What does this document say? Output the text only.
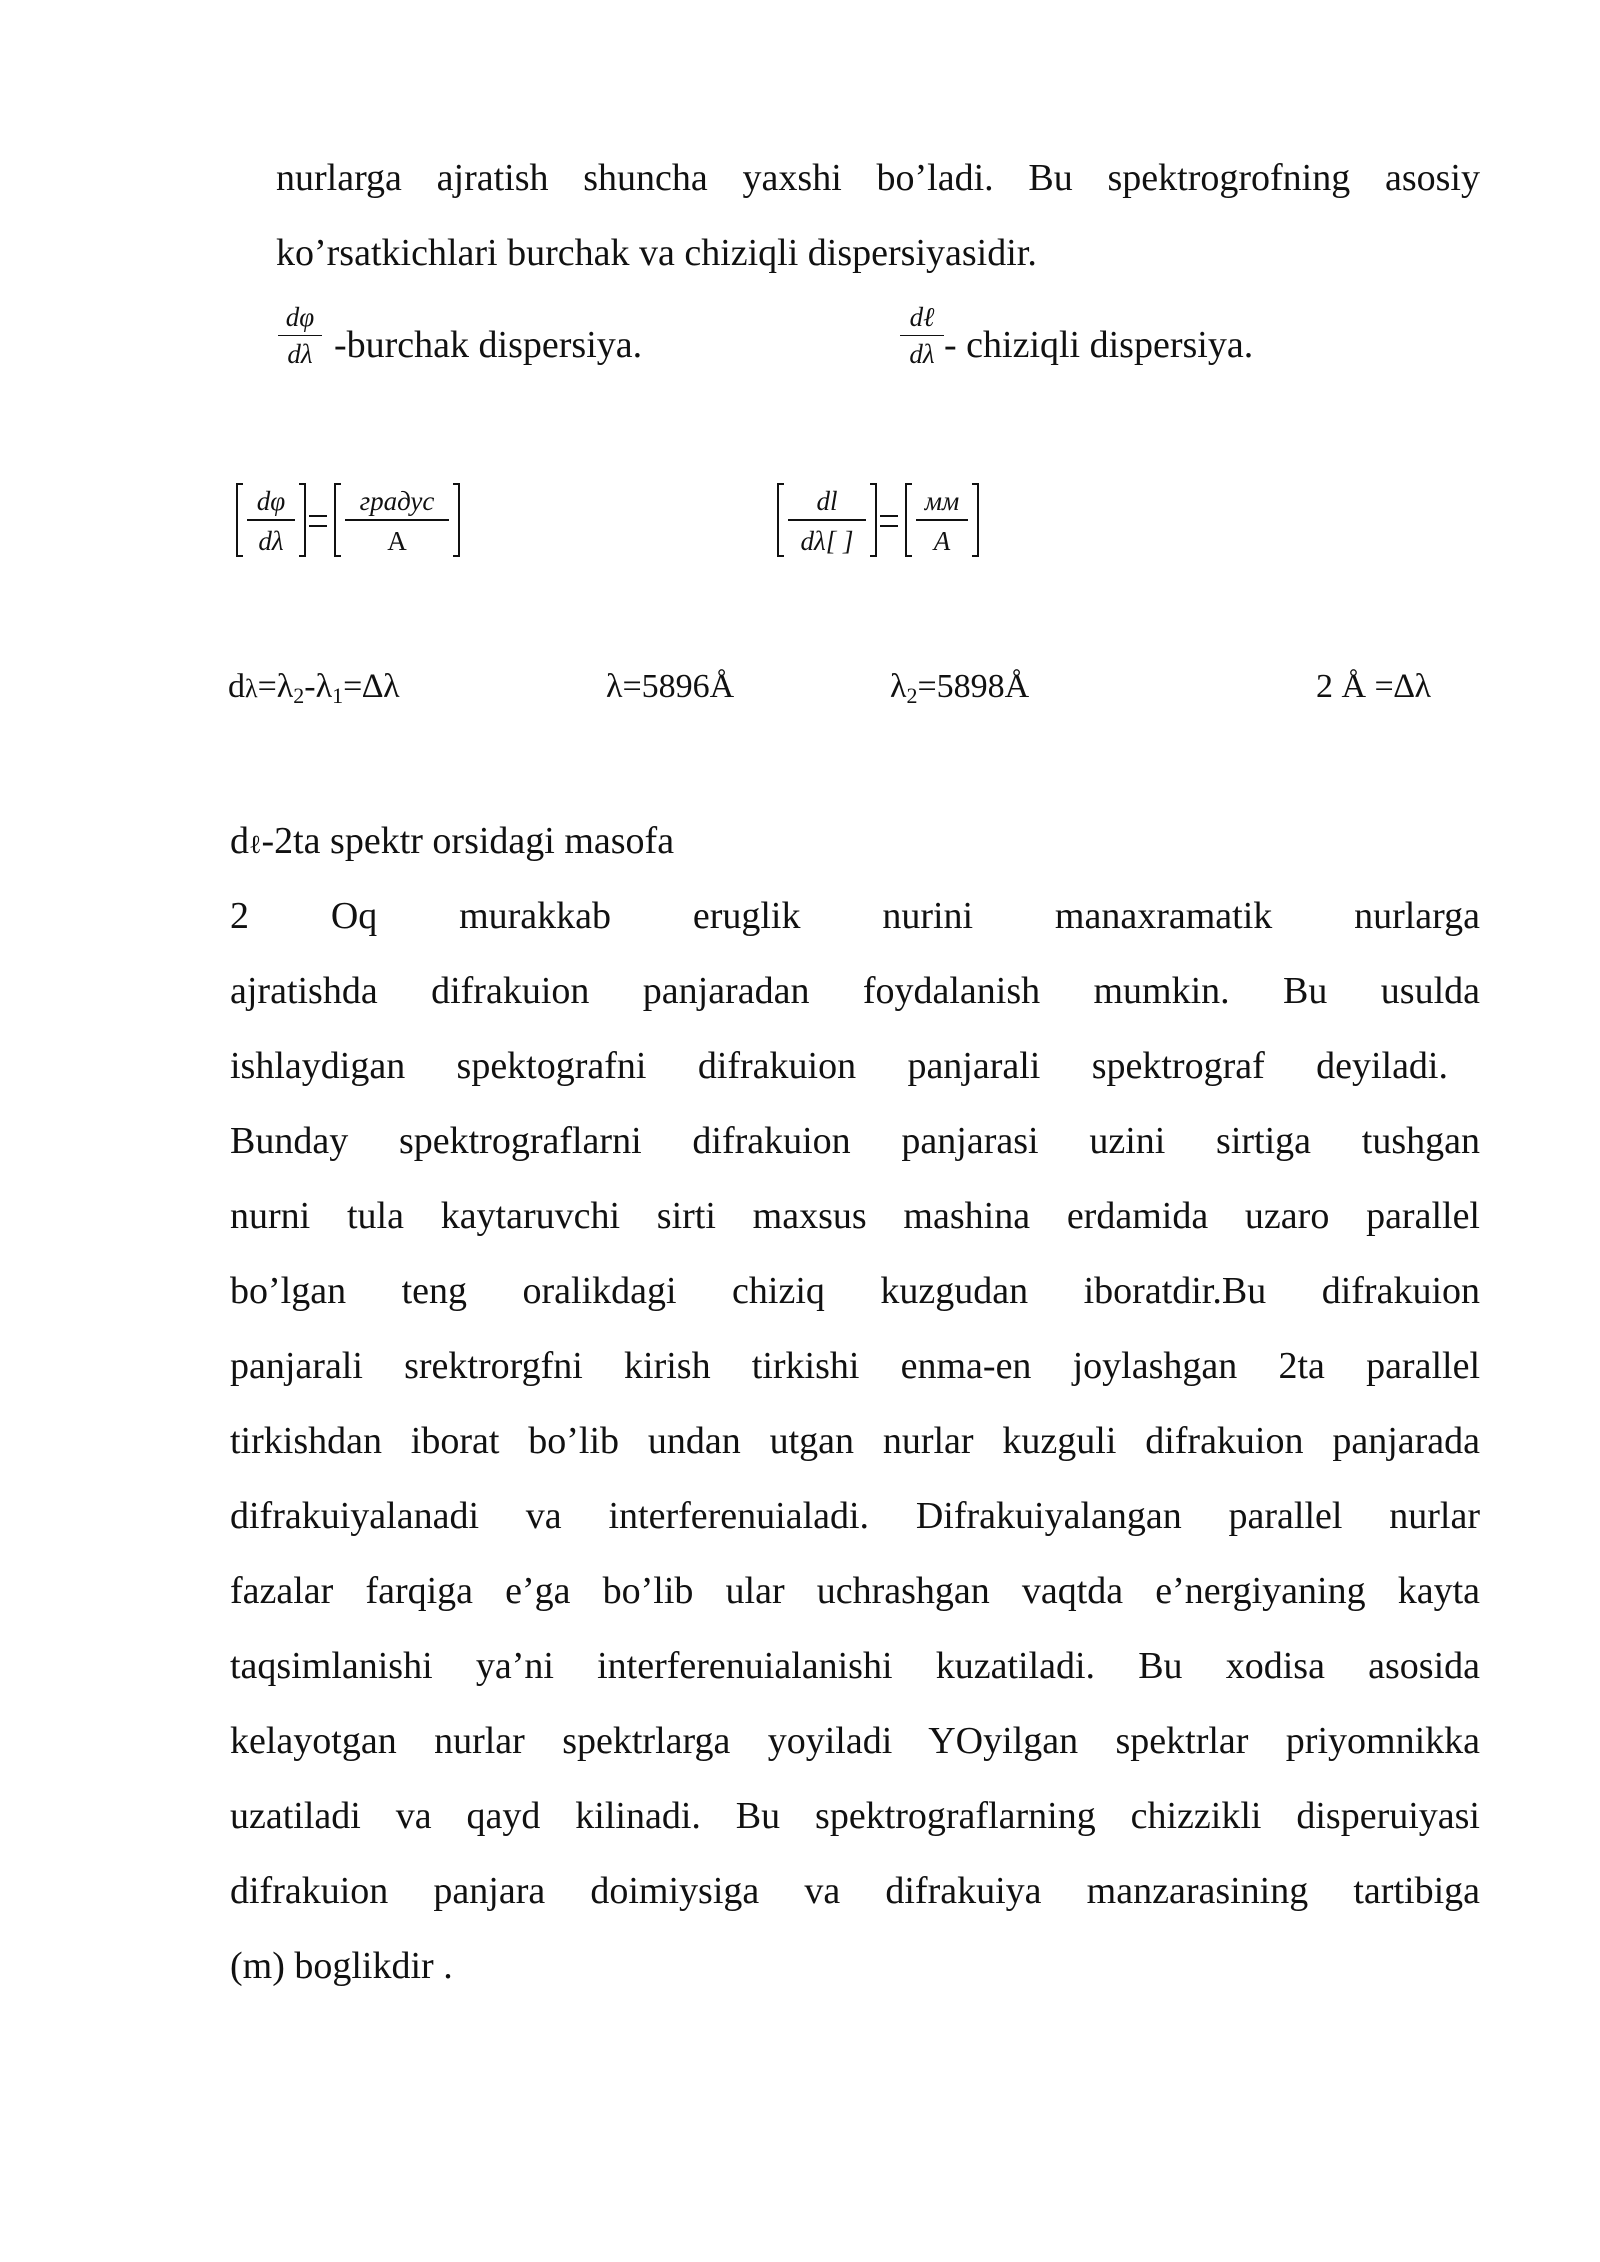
nurlarga ajratish shuncha yaxshi bo’ladi. Bu spektrogrofning asosiy
ko’rsatkichlari burchak va chiziqli dispersiyasidir.
dφ
dλ -burchak dispersiya.
dℓ
dλ - chiziqli dispersiya.
dφ
dλ
градус
A
dl
dλ[ ]
мм
A
$d\lambda=\lambda_2-\lambda_1=\Delta\lambda$	λ=5896Å	$\lambda_2=5898Å$	2 Å =∆λ
dℓ-2ta spektr orsidagi masofa
2 Oq murakkab eruglik nurini manaxramatik nurlarga
ajratishda difrakuion panjaradan foydalanish mumkin. Bu usulda
ishlaydigan spektografni difrakuion panjarali spektrograf deyiladi.
Bunday spektrograflarni difrakuion panjarasi uzini sirtiga tushgan
nurni tula kaytaruvchi sirti maxsus mashina erdamida uzaro parallel
bo’lgan teng oralikdagi chiziq kuzgudan iboratdir.Bu difrakuion
panjarali srektrorgfni kirish tirkishi enma-en joylashgan 2ta parallel
tirkishdan iborat bo’lib undan utgan nurlar kuzguli difrakuion panjarada
difrakuiyalanadi va interferenuialadi. Difrakuiyalangan parallel nurlar
fazalar farqiga e’ga bo’lib ular uchrashgan vaqtda e’nergiyaning kayta
taqsimlanishi ya’ni interferenuialanishi kuzatiladi. Bu xodisa asosida
kelayotgan nurlar spektrlarga yoyiladi YOyilgan spektrlar priyomnikka
uzatiladi va qayd kilinadi. Bu spektrograflarning chizzikli disperuiyasi
difrakuion panjara doimiysiga va difrakuiya manzarasining tartibiga
(m) boglikdir .
